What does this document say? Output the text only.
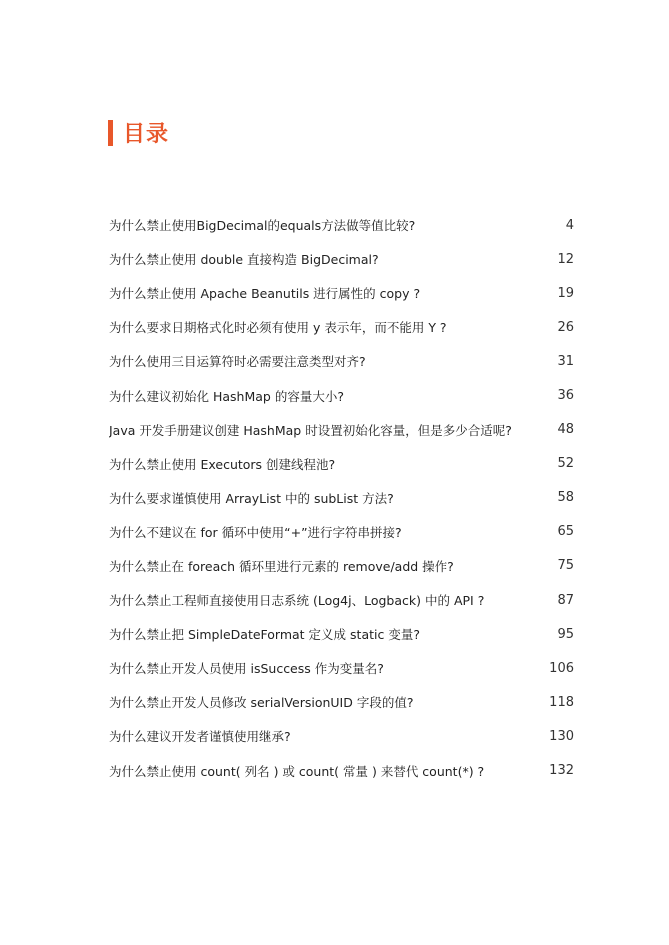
目录
为什么禁止使用BigDecimal的equals方法做等值比较?	4
为什么禁止使用 double 直接构造 BigDecimal?	12
为什么禁止使用 Apache Beanutils 进行属性的 copy ?	19
为什么要求日期格式化时必须有使用 y 表示年，而不能用 Y ?	26
为什么使用三目运算符时必需要注意类型对齐?	31
为什么建议初始化 HashMap 的容量大小?	36
Java 开发手册建议创建 HashMap 时设置初始化容量，但是多少合适呢?	48
为什么禁止使用 Executors 创建线程池?	52
为什么要求谨慎使用 ArrayList 中的 subList 方法?	58
为什么不建议在 for 循环中使用“+”进行字符串拼接?	65
为什么禁止在 foreach 循环里进行元素的 remove/add 操作?	75
为什么禁止工程师直接使用日志系统 (Log4j、Logback) 中的 API ?	87
为什么禁止把 SimpleDateFormat 定义成 static 变量?	95
为什么禁止开发人员使用 isSuccess 作为变量名?	106
为什么禁止开发人员修改 serialVersionUID 字段的值?	118
为什么建议开发者谨慎使用继承?	130
为什么禁止使用 count( 列名 ) 或 count( 常量 ) 来替代 count(*) ?	132
